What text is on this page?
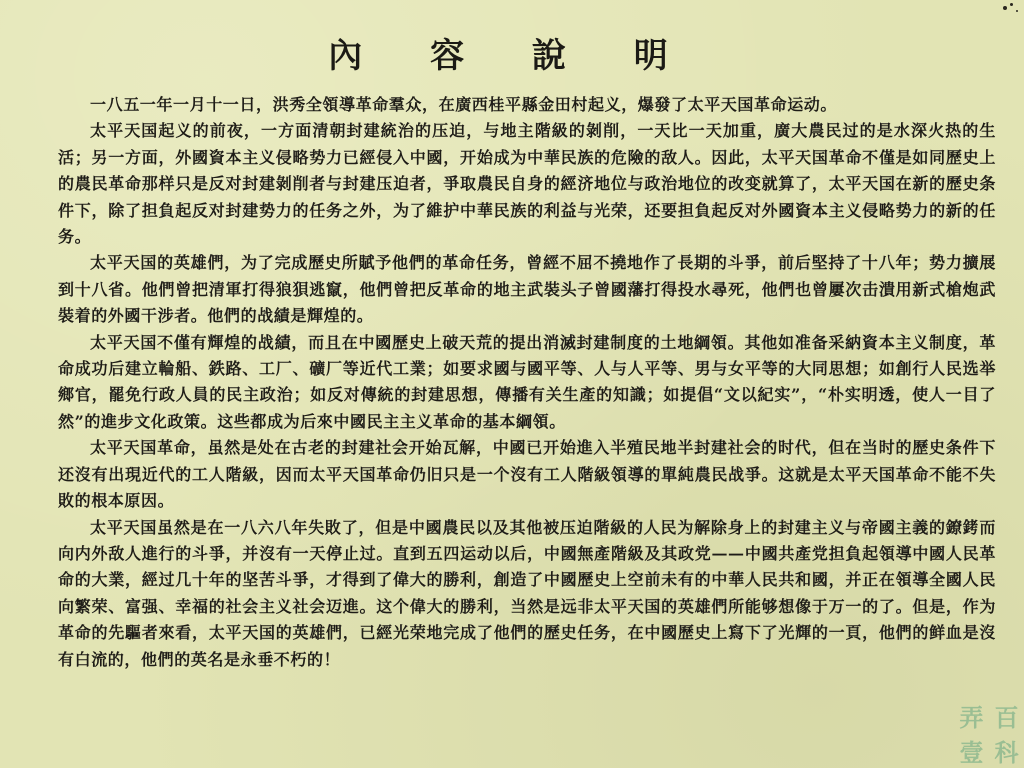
內 容 說 明

一八五一年一月十一日，洪秀全領導革命羣众，在廣西桂平縣金田村起义，爆發了太平天国革命运动。

太平天国起义的前夜，一方面清朝封建統治的压迫，与地主階級的剝削，一天比一天加重，廣大農民过的是水深火热的生活；另一方面，外國資本主义侵略势力已經侵入中國，开始成为中華民族的危險的敌人。因此，太平天国革命不僅是如同歷史上的農民革命那样只是反对封建剝削者与封建压迫者，爭取農民自身的經济地位与政治地位的改变就算了，太平天国在新的歷史条件下，除了担負起反对封建势力的任务之外，为了維护中華民族的利益与光荣，还要担負起反对外國資本主义侵略势力的新的任务。

太平天国的英雄們，为了完成歷史所賦予他們的革命任务，曾經不屈不撓地作了長期的斗爭，前后堅持了十八年；势力擴展到十八省。他們曾把清軍打得狼狽逃竄，他們曾把反革命的地主武裝头子曾國藩打得投水尋死，他們也曾屢次击潰用新式槍炮武裝着的外國干涉者。他們的战績是輝煌的。

太平天国不僅有輝煌的战績，而且在中國歷史上破天荒的提出消滅封建制度的土地綱領。其他如准备采納資本主义制度，革命成功后建立輪船、鉄路、工厂、礦厂等近代工業；如要求國与國平等、人与人平等、男与女平等的大同思想；如創行人民选举鄉官，罷免行政人員的民主政治；如反对傳統的封建思想，傳播有关生產的知識；如提倡“文以紀实”，“朴实明透，使人一目了然”的進步文化政策。这些都成为后來中國民主主义革命的基本綱領。

太平天国革命，虽然是处在古老的封建社会开始瓦解，中國已开始進入半殖民地半封建社会的时代，但在当时的歷史条件下还沒有出現近代的工人階級，因而太平天国革命仍旧只是一个沒有工人階級領導的單純農民战爭。这就是太平天国革命不能不失敗的根本原因。

太平天国虽然是在一八六八年失敗了，但是中國農民以及其他被压迫階級的人民为解除身上的封建主义与帝國主義的鐐銬而向内外敌人進行的斗爭，并沒有一天停止过。直到五四运动以后，中國無產階級及其政党——中國共產党担負起領導中國人民革命的大業，經过几十年的坚苦斗爭，才得到了偉大的勝利，創造了中國歷史上空前未有的中華人民共和國，并正在領導全國人民向繁荣、富强、幸福的社会主义社会迈進。这个偉大的勝利，当然是远非太平天国的英雄們所能够想像于万一的了。但是，作为革命的先驅者來看，太平天国的英雄們，已經光荣地完成了他們的歷史任务，在中國歷史上寫下了光輝的一頁，他們的鲜血是沒有白流的，他們的英名是永垂不朽的！

弄 百
壹 科
